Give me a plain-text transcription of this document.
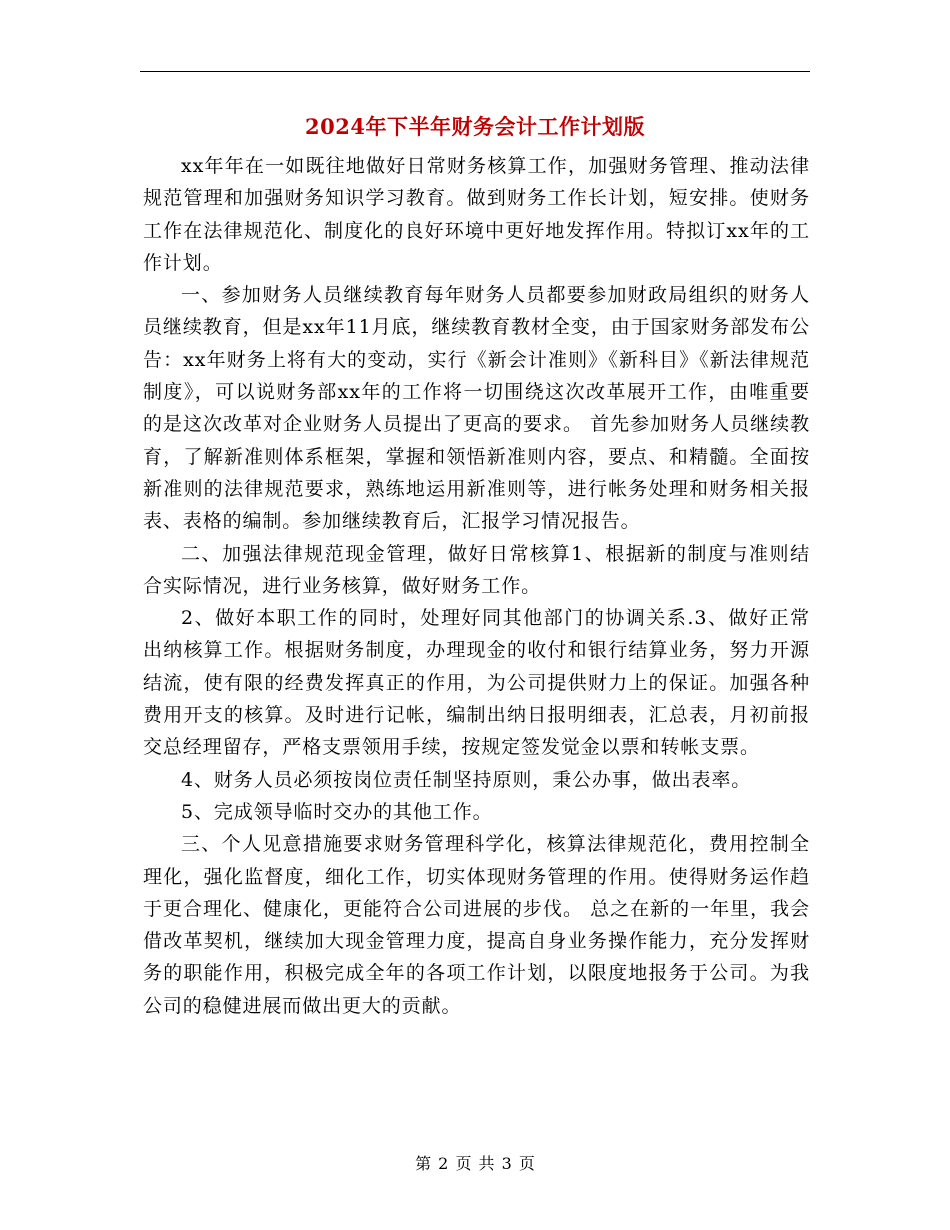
2024年下半年财务会计工作计划版

xx年年在一如既往地做好日常财务核算工作，加强财务管理、推动法律规范管理和加强财务知识学习教育。做到财务工作长计划，短安排。使财务工作在法律规范化、制度化的良好环境中更好地发挥作用。特拟订xx年的工作计划。

一、参加财务人员继续教育每年财务人员都要参加财政局组织的财务人员继续教育，但是xx年11月底，继续教育教材全变，由于国家财务部发布公告：xx年财务上将有大的变动，实行《新会计准则》《新科目》《新法律规范制度》，可以说财务部xx年的工作将一切围绕这次改革展开工作，由唯重要的是这次改革对企业财务人员提出了更高的要求。 首先参加财务人员继续教育，了解新准则体系框架，掌握和领悟新准则内容，要点、和精髓。全面按新准则的法律规范要求，熟练地运用新准则等，进行帐务处理和财务相关报表、表格的编制。参加继续教育后，汇报学习情况报告。

二、加强法律规范现金管理，做好日常核算1、根据新的制度与准则结合实际情况，进行业务核算，做好财务工作。

2、做好本职工作的同时，处理好同其他部门的协调关系.3、做好正常出纳核算工作。根据财务制度，办理现金的收付和银行结算业务，努力开源结流，使有限的经费发挥真正的作用，为公司提供财力上的保证。加强各种费用开支的核算。及时进行记帐，编制出纳日报明细表，汇总表，月初前报交总经理留存，严格支票领用手续，按规定签发觉金以票和转帐支票。

4、财务人员必须按岗位责任制坚持原则，秉公办事，做出表率。

5、完成领导临时交办的其他工作。

三、个人见意措施要求财务管理科学化，核算法律规范化，费用控制全理化，强化监督度，细化工作，切实体现财务管理的作用。使得财务运作趋于更合理化、健康化，更能符合公司进展的步伐。 总之在新的一年里，我会借改革契机，继续加大现金管理力度，提高自身业务操作能力，充分发挥财务的职能作用，积极完成全年的各项工作计划，以限度地报务于公司。为我公司的稳健进展而做出更大的贡献。

第 2 页 共 3 页
